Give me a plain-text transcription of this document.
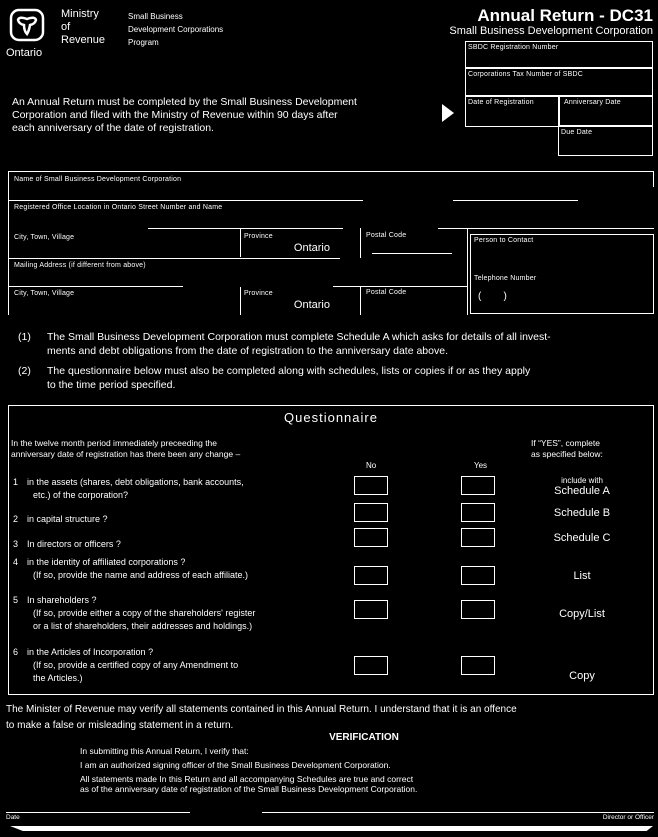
Ontario
Ministry
of
Revenue
Small Business
Development Corporations
Program
Annual Return - DC31
Small Business Development Corporation
An Annual Return must be completed by the Small Business Development
Corporation and filed with the Ministry of Revenue within 90 days after
each anniversary of the date of registration.
SBDC Registration Number
Corporations Tax Number of SBDC
Date of Registration	Anniversary Date
Due Date
Name of Small Business Development Corporation
Registered Office Location in Ontario Street Number and Name
City, Town, Village	Province
Ontario
Postal Code
Mailing Address (if different from above)
City, Town, Village	Province
Ontario
Postal Code
Person to Contact
Telephone Number
(        )
(1) The Small Business Development Corporation must complete Schedule A which asks for details of all invest-
ments and debt obligations from the date of registration to the anniversary date above.
(2) The questionnaire below must also be completed along with schedules, lists or copies if or as they apply
to the time period specified.
Questionnaire
In the twelve month period immediately preceeding the
anniversary date of registration has there been any change –
If “YES”, complete
as specified below:
No	Yes
1 in the assets (shares, debt obligations, bank accounts,
etc.) of the corporation?
include with
Schedule A
2 in capital structure ?	Schedule B
3 In directors or officers ?	Schedule C
4 in the identity of affiliated corporations ?
(If so, provide the name and address of each affiliate.)	List
5 In shareholders ?
(If so, provide either a copy of the shareholders' register
or a list of shareholders, their addresses and holdings.)
Copy/List
6 in the Articles of Incorporation ?
(If so, provide a certified copy of any Amendment to
the Articles.)	Copy
The Minister of Revenue may verify all statements contained in this Annual Return. I understand that it is an offence
to make a false or misleading statement in a return.
VERIFICATION
In submitting this Annual Return, I verify that:
I am an authorized signing officer of the Small Business Development Corporation.
All statements made In this Return and all accompanying Schedules are true and correct
as of the anniversary date of registration of the Small Business Development Corporation.
Date	Director or Officer
